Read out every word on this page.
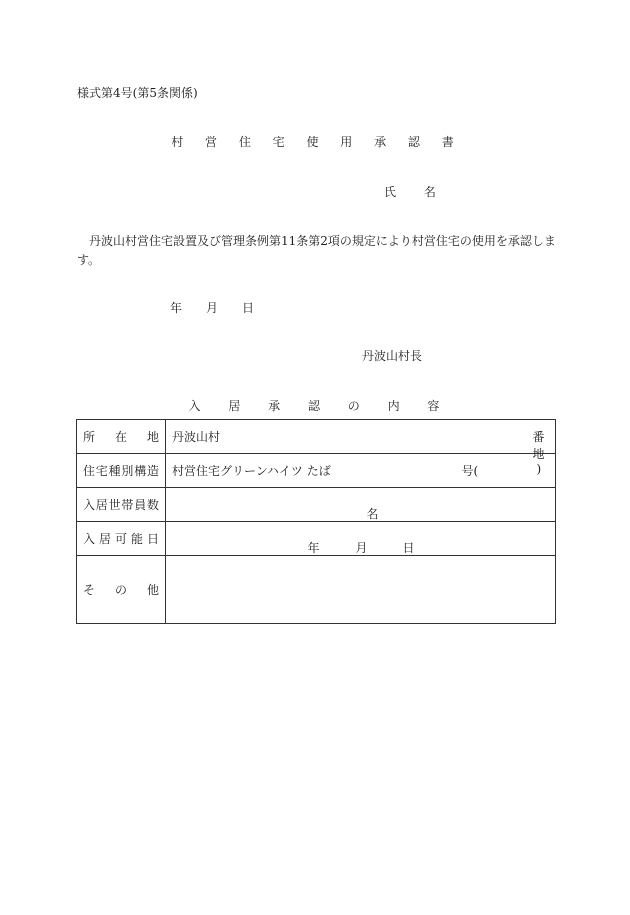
様式第4号(第5条関係)
村 営 住 宅 使 用 承 認 書
氏 名
丹波山村営住宅設置及び管理条例第11条第2項の規定により村営住宅の使用を承認します。
年 月 日
丹波山村長
入 居 承 認 の 内 容
所在地	丹波山村 番地

住宅種別構造	村営住宅グリーンハイツ たば 号( )

入居世帯員数	名

入居可能日	年 月 日

その他	
